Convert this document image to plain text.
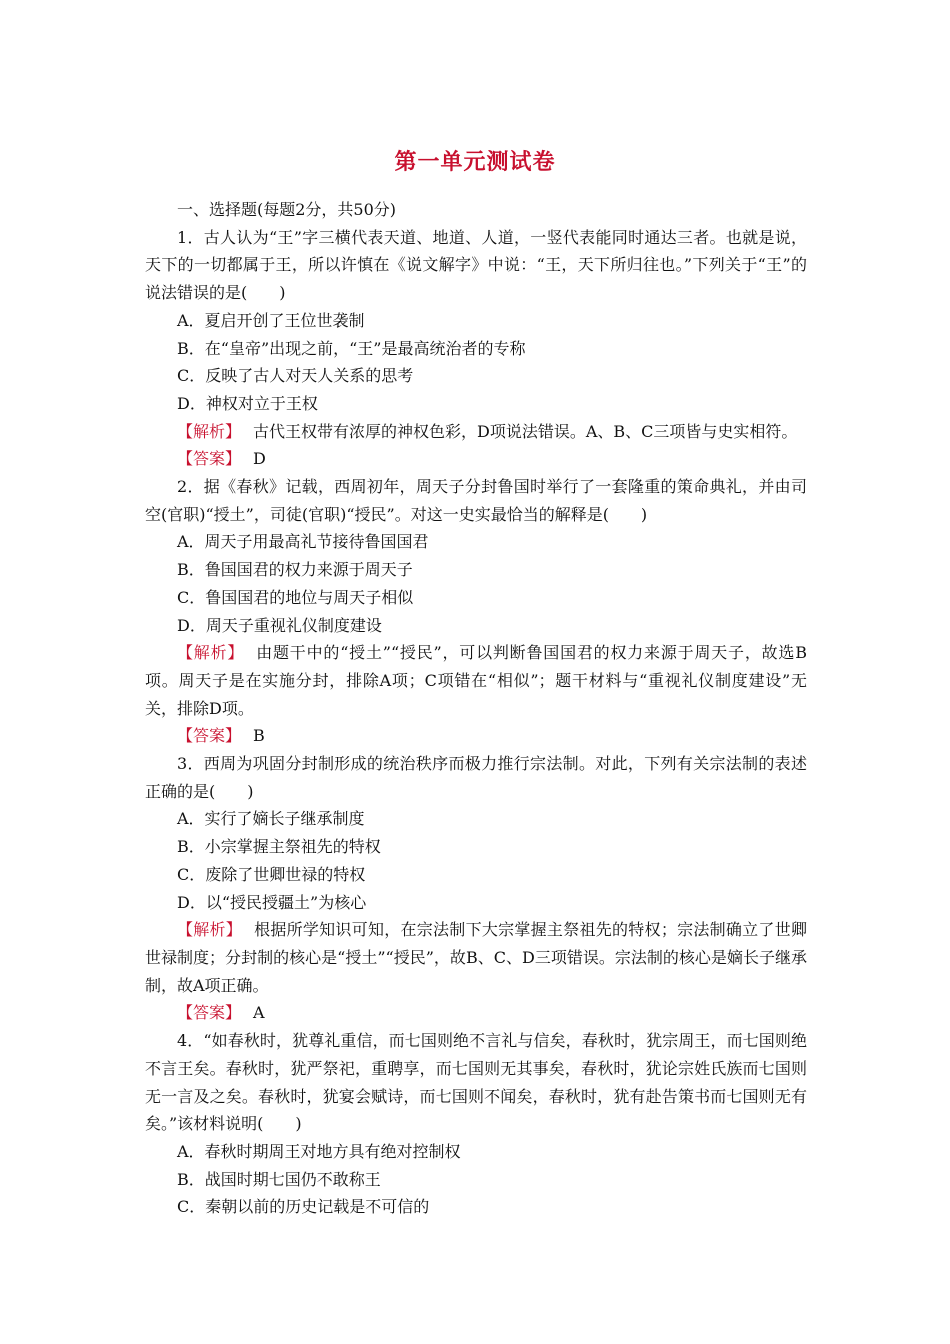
第一单元测试卷

一、选择题(每题2分，共50分)

1．古人认为“王”字三横代表天道、地道、人道，一竖代表能同时通达三者。也就是说，天下的一切都属于王，所以许慎在《说文解字》中说：“王，天下所归往也。”下列关于“王”的说法错误的是(　　)

A．夏启开创了王位世袭制

B．在“皇帝”出现之前，“王”是最高统治者的专称

C．反映了古人对天人关系的思考

D．神权对立于王权

【解析】 古代王权带有浓厚的神权色彩，D项说法错误。A、B、C三项皆与史实相符。

【答案】 D

2．据《春秋》记载，西周初年，周天子分封鲁国时举行了一套隆重的策命典礼，并由司空(官职)“授土”，司徒(官职)“授民”。对这一史实最恰当的解释是(　　)

A．周天子用最高礼节接待鲁国国君

B．鲁国国君的权力来源于周天子

C．鲁国国君的地位与周天子相似

D．周天子重视礼仪制度建设

【解析】 由题干中的“授土”“授民”，可以判断鲁国国君的权力来源于周天子，故选B项。周天子是在实施分封，排除A项；C项错在“相似”；题干材料与“重视礼仪制度建设”无关，排除D项。

【答案】 B

3．西周为巩固分封制形成的统治秩序而极力推行宗法制。对此，下列有关宗法制的表述正确的是(　　)

A．实行了嫡长子继承制度

B．小宗掌握主祭祖先的特权

C．废除了世卿世禄的特权

D．以“授民授疆土”为核心

【解析】 根据所学知识可知，在宗法制下大宗掌握主祭祖先的特权；宗法制确立了世卿世禄制度；分封制的核心是“授土”“授民”，故B、C、D三项错误。宗法制的核心是嫡长子继承制，故A项正确。

【答案】 A

4．“如春秋时，犹尊礼重信，而七国则绝不言礼与信矣，春秋时，犹宗周王，而七国则绝不言王矣。春秋时，犹严祭祀，重聘享，而七国则无其事矣，春秋时，犹论宗姓氏族而七国则无一言及之矣。春秋时，犹宴会赋诗，而七国则不闻矣，春秋时，犹有赴告策书而七国则无有矣。”该材料说明(　　)

A．春秋时期周王对地方具有绝对控制权

B．战国时期七国仍不敢称王

C．秦朝以前的历史记载是不可信的
